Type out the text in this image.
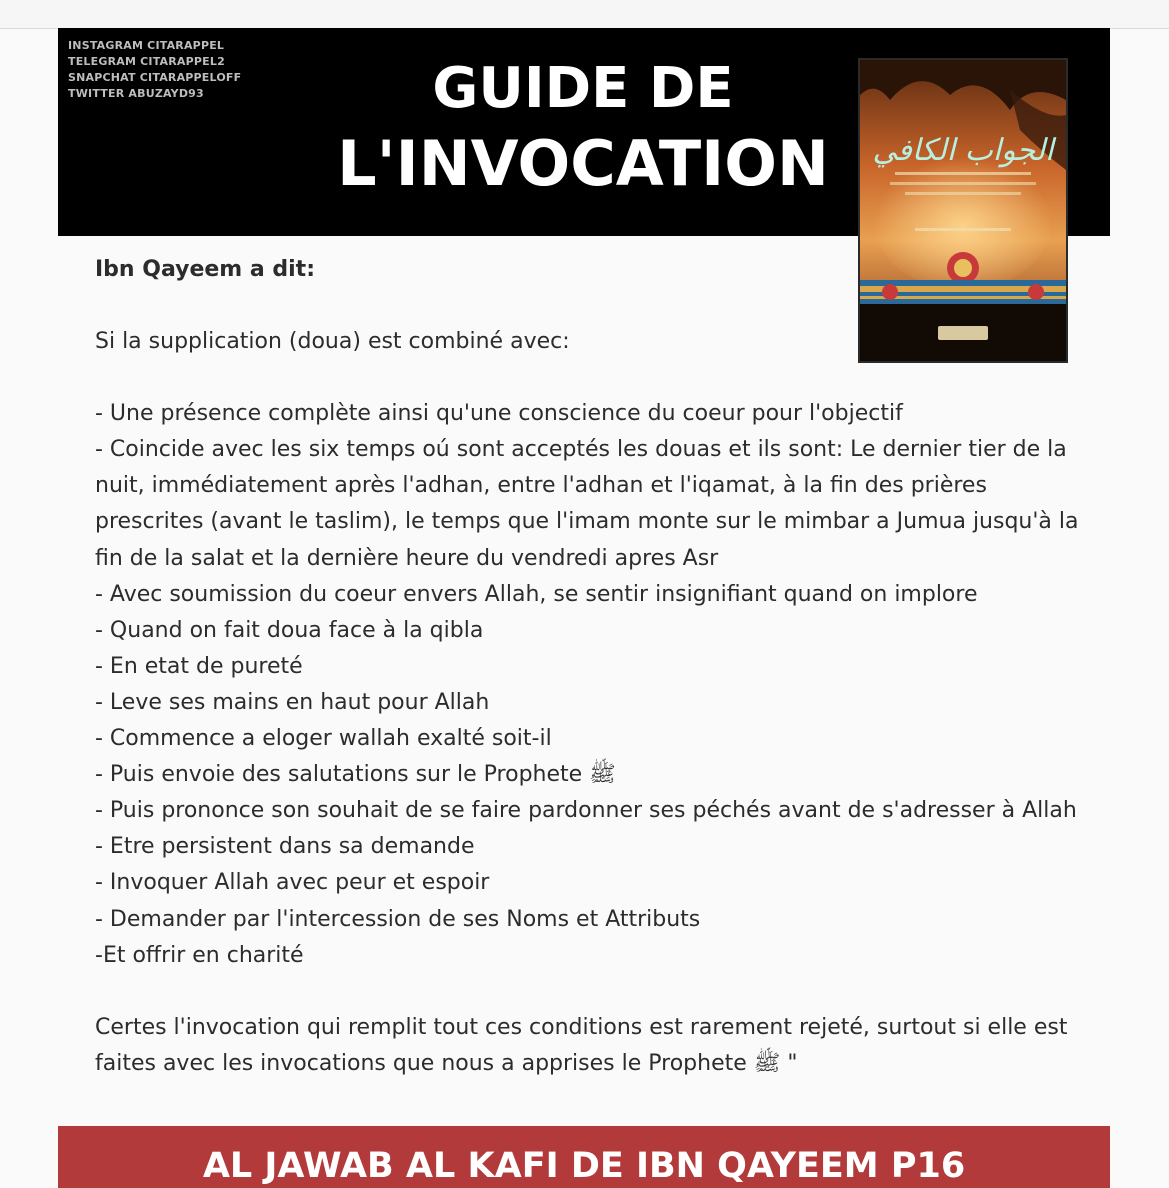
INSTAGRAM CITARAPPEL
TELEGRAM CITARAPPEL2
SNAPCHAT CITARAPPELOFF
TWITTER ABUZAYD93	GUIDE DE
L'INVOCATION	الجواب الكافي
Ibn Qayeem a dit:
Si la supplication (doua) est combiné avec:
- Une présence complète ainsi qu'une conscience du coeur pour l'objectif
- Coincide avec les six temps oú sont acceptés les douas et ils sont: Le dernier tier de la nuit, immédiatement après l'adhan, entre l'adhan et l'iqamat, à la fin des prières prescrites (avant le taslim), le temps que l'imam monte sur le mimbar a Jumua jusqu'à la fin de la salat et la dernière heure du vendredi apres Asr
- Avec soumission du coeur envers Allah, se sentir insignifiant quand on implore
- Quand on fait doua face à la qibla
- En etat de pureté
- Leve ses mains en haut pour Allah
- Commence a eloger wallah exalté soit-il
- Puis envoie des salutations sur le Prophete ﷺ
- Puis prononce son souhait de se faire pardonner ses péchés avant de s'adresser à Allah
- Etre persistent dans sa demande
- Invoquer Allah avec peur et espoir
- Demander par l'intercession de ses Noms et Attributs
-Et offrir en charité
Certes l'invocation qui remplit tout ces conditions est rarement rejeté, surtout si elle est faites avec les invocations que nous a apprises le Prophete ﷺ "
AL JAWAB AL KAFI DE IBN QAYEEM P16
